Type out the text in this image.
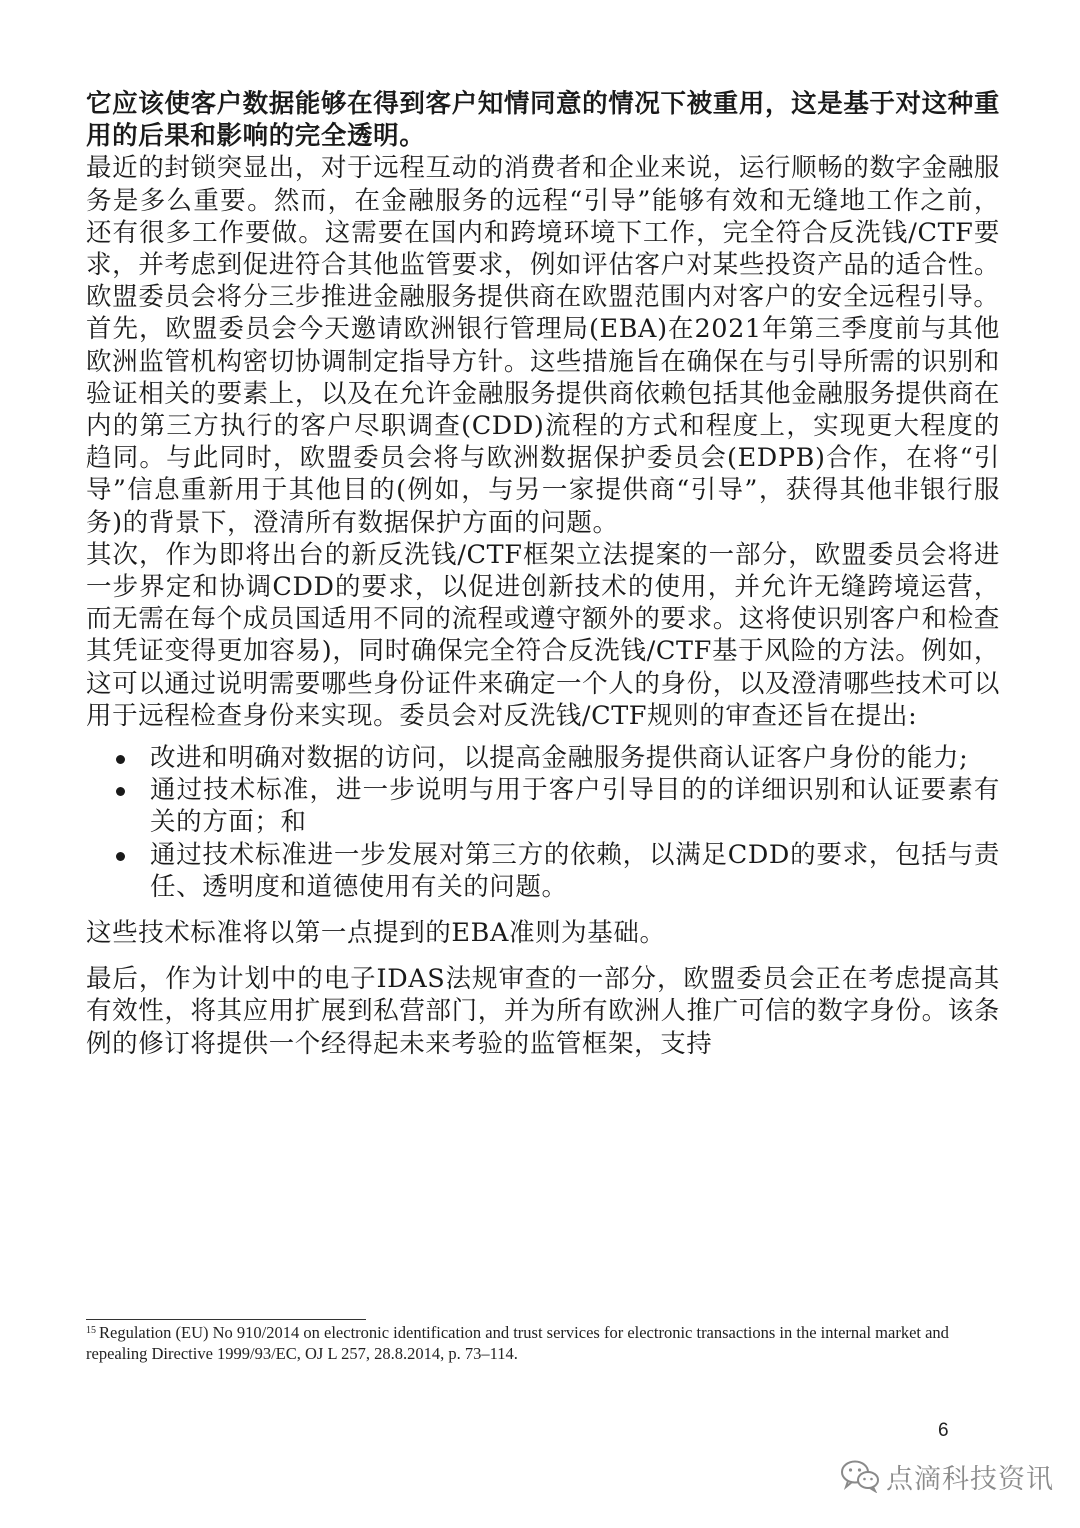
它应该使客户数据能够在得到客户知情同意的情况下被重用，这是基于对这种重用的后果和影响的完全透明。

最近的封锁突显出，对于远程互动的消费者和企业来说，运行顺畅的数字金融服务是多么重要。然而，在金融服务的远程“引导”能够有效和无缝地工作之前，还有很多工作要做。这需要在国内和跨境环境下工作，完全符合反洗钱/CTF要求，并考虑到促进符合其他监管要求，例如评估客户对某些投资产品的适合性。欧盟委员会将分三步推进金融服务提供商在欧盟范围内对客户的安全远程引导。

首先，欧盟委员会今天邀请欧洲银行管理局(EBA)在2021年第三季度前与其他欧洲监管机构密切协调制定指导方针。这些措施旨在确保在与引导所需的识别和验证相关的要素上，以及在允许金融服务提供商依赖包括其他金融服务提供商在内的第三方执行的客户尽职调查(CDD)流程的方式和程度上，实现更大程度的趋同。与此同时，欧盟委员会将与欧洲数据保护委员会(EDPB)合作，在将“引导”信息重新用于其他目的(例如，与另一家提供商“引导”，获得其他非银行服务)的背景下，澄清所有数据保护方面的问题。

其次，作为即将出台的新反洗钱/CTF框架立法提案的一部分，欧盟委员会将进一步界定和协调CDD的要求，以促进创新技术的使用，并允许无缝跨境运营，而无需在每个成员国适用不同的流程或遵守额外的要求。这将使识别客户和检查其凭证变得更加容易)，同时确保完全符合反洗钱/CTF基于风险的方法。例如，这可以通过说明需要哪些身份证件来确定一个人的身份，以及澄清哪些技术可以用于远程检查身份来实现。委员会对反洗钱/CTF规则的审查还旨在提出:

改进和明确对数据的访问，以提高金融服务提供商认证客户身份的能力;
通过技术标准，进一步说明与用于客户引导目的的详细识别和认证要素有关的方面；和
通过技术标准进一步发展对第三方的依赖，以满足CDD的要求，包括与责任、透明度和道德使用有关的问题。

这些技术标准将以第一点提到的EBA准则为基础。

最后，作为计划中的电子IDAS法规审查的一部分，欧盟委员会正在考虑提高其有效性，将其应用扩展到私营部门，并为所有欧洲人推广可信的数字身份。该条例的修订将提供一个经得起未来考验的监管框架，支持

$^{15}$ Regulation (EU) No 910/2014 on electronic identification and trust services for electronic transactions in the internal market and repealing Directive 1999/93/EC, OJ L 257, 28.8.2014, p. 73–114.
6
点滴科技资讯
